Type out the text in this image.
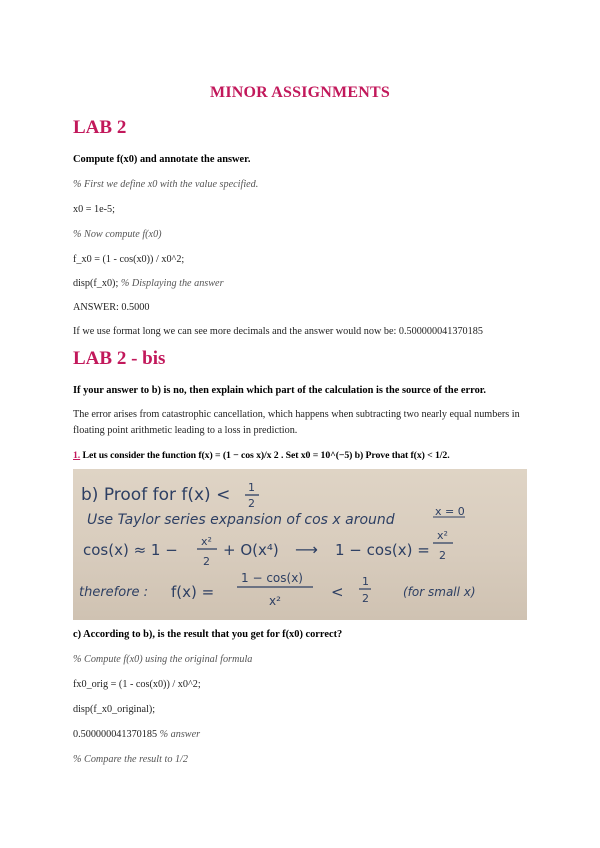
MINOR ASSIGNMENTS
LAB 2

Compute f(x0) and annotate the answer.

% First we define x0 with the value specified.

x0 = 1e-5;

% Now compute f(x0)

f_x0 = (1 - cos(x0)) / x0^2;

disp(f_x0); % Displaying the answer

ANSWER: 0.5000

If we use format long we can see more decimals and the answer would now be: 0.500000041370185

LAB 2 - bis

If your answer to b) is no, then explain which part of the calculation is the source of the error.

The error arises from catastrophic cancellation, which happens when subtracting two nearly equal numbers in floating point arithmetic leading to a loss in prediction.

1. Let us consider the function f(x) = (1 − cos x)/x 2 . Set x0 = 10^(−5) b) Prove that f(x) < 1/2.

b) Proof for f(x) < 1
2
Use Taylor series expansion of cos x around
x = 0
cos(x) ≈ 1 − x²
2
+ O(x⁴) ⟶ 1 − cos(x) =
x²
2
therefore : f(x) =
1 − cos(x)
x²	<
1
2	(for small x)

c) According to b), is the result that you get for f(x0) correct?

% Compute f(x0) using the original formula

fx0_orig = (1 - cos(x0)) / x0^2;

disp(f_x0_original);

0.500000041370185 % answer

% Compare the result to 1/2
